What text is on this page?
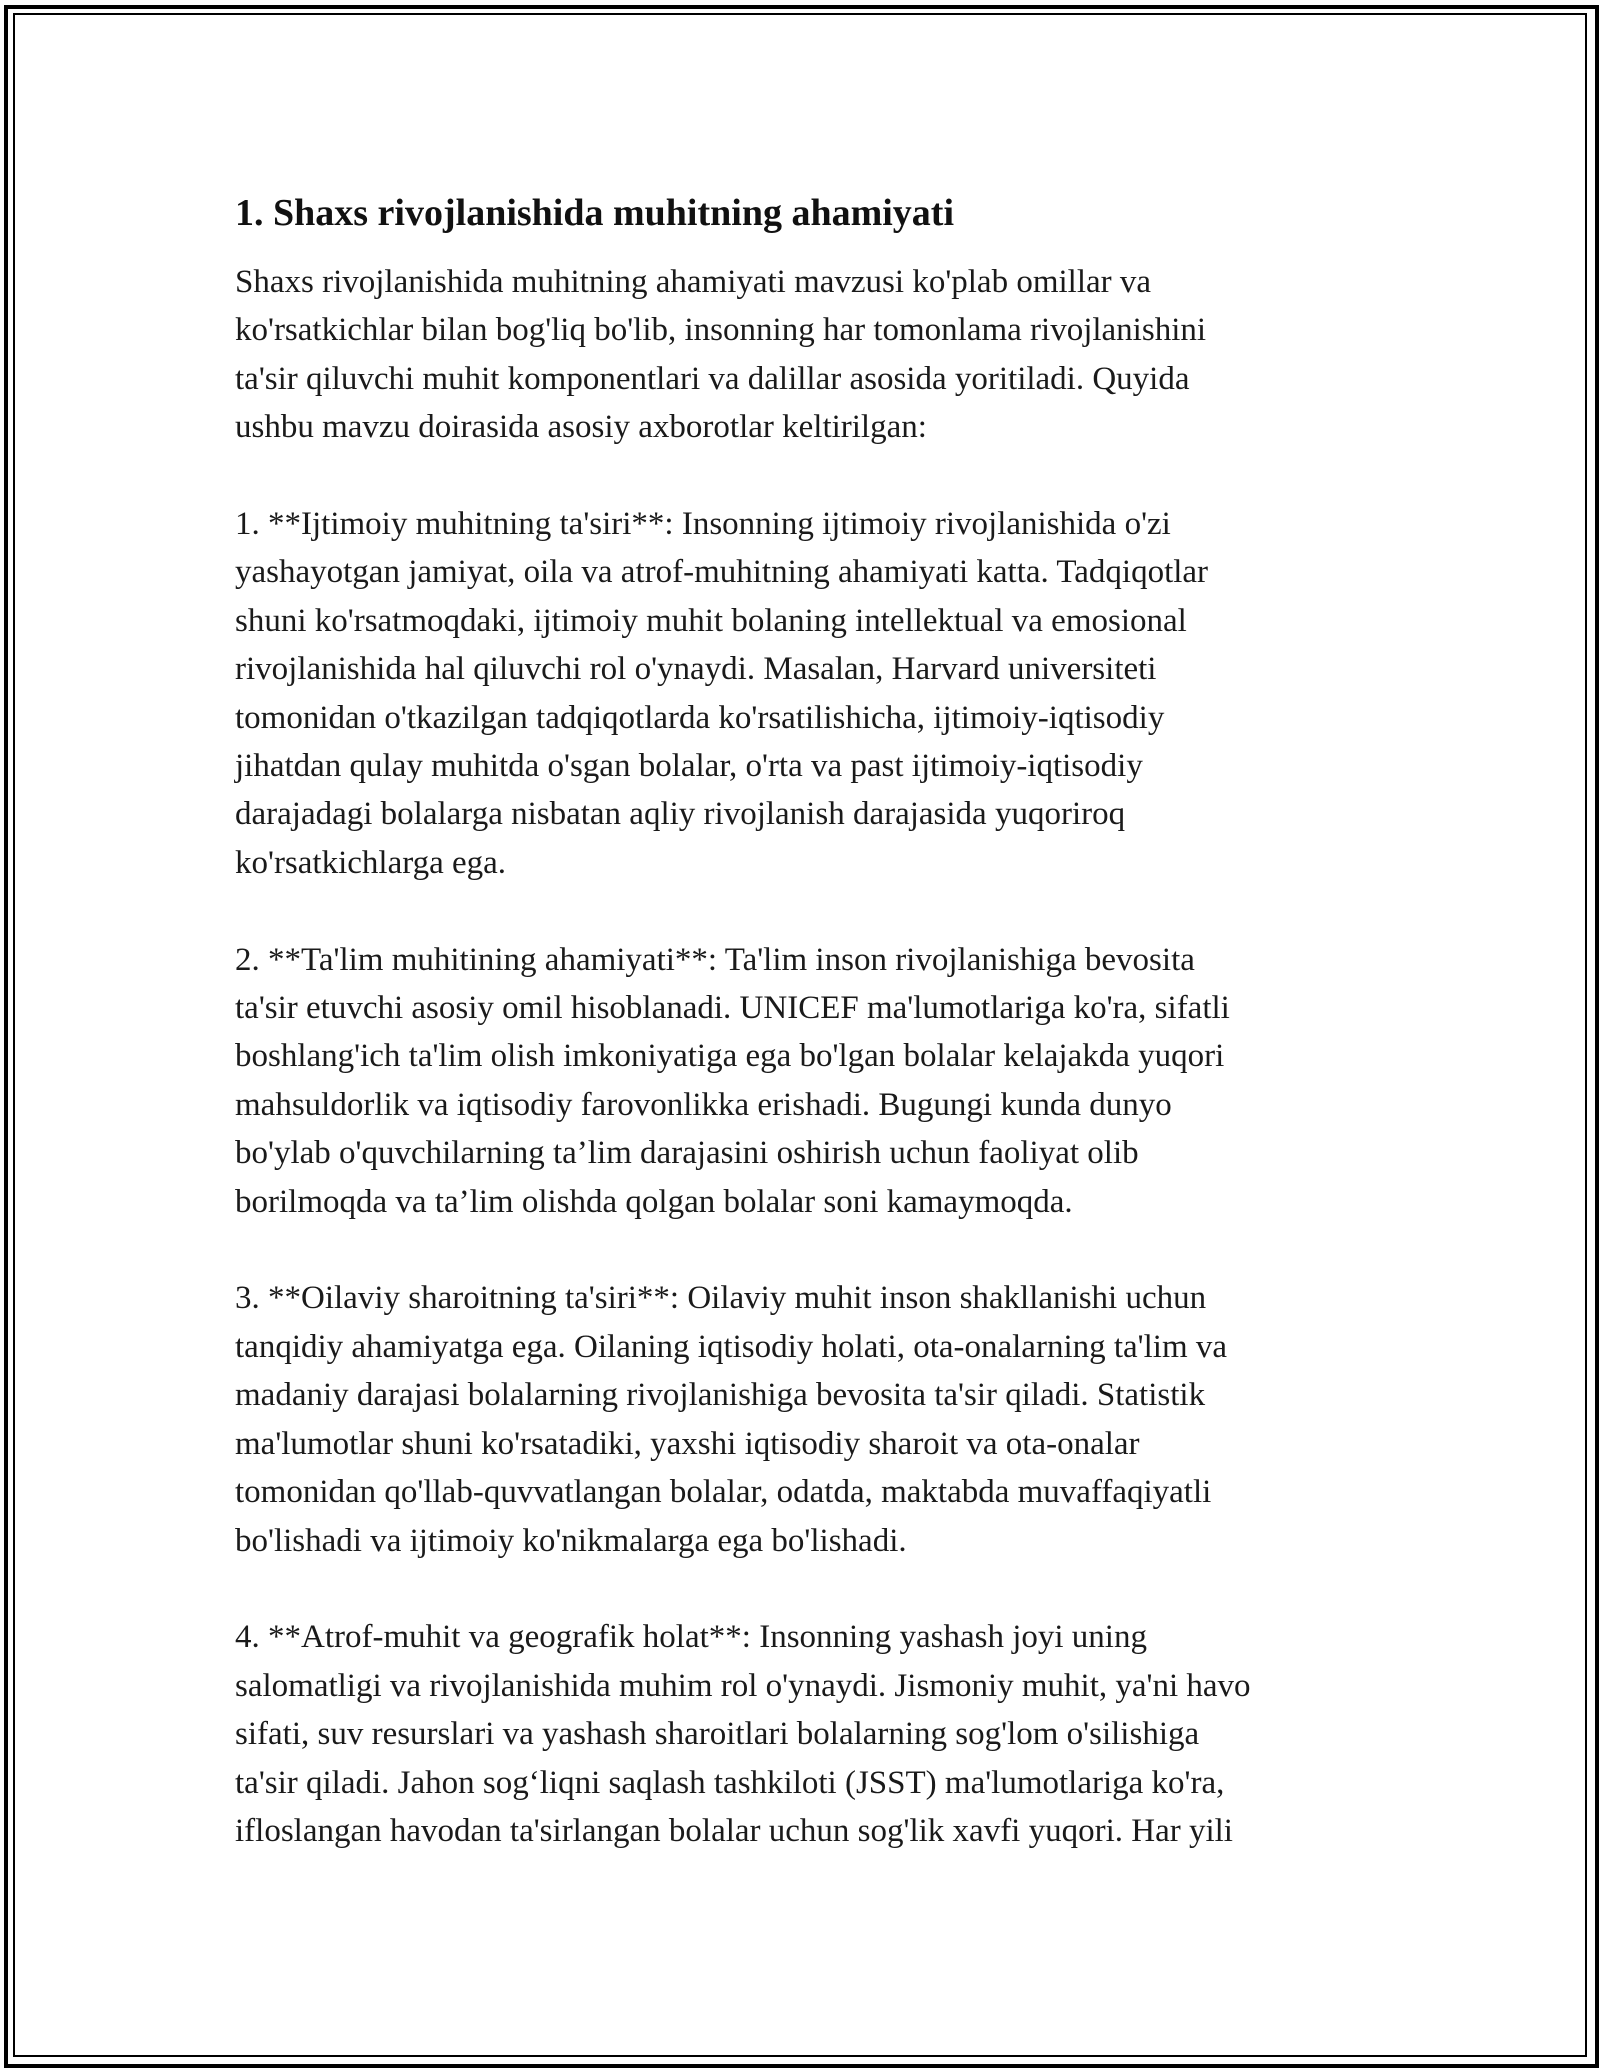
1. Shaxs rivojlanishida muhitning ahamiyati

Shaxs rivojlanishida muhitning ahamiyati mavzusi ko'plab omillar va
ko'rsatkichlar bilan bog'liq bo'lib, insonning har tomonlama rivojlanishini
ta'sir qiluvchi muhit komponentlari va dalillar asosida yoritiladi. Quyida
ushbu mavzu doirasida asosiy axborotlar keltirilgan:

1. **Ijtimoiy muhitning ta'siri**: Insonning ijtimoiy rivojlanishida o'zi
yashayotgan jamiyat, oila va atrof-muhitning ahamiyati katta. Tadqiqotlar
shuni ko'rsatmoqdaki, ijtimoiy muhit bolaning intellektual va emosional
rivojlanishida hal qiluvchi rol o'ynaydi. Masalan, Harvard universiteti
tomonidan o'tkazilgan tadqiqotlarda ko'rsatilishicha, ijtimoiy-iqtisodiy
jihatdan qulay muhitda o'sgan bolalar, o'rta va past ijtimoiy-iqtisodiy
darajadagi bolalarga nisbatan aqliy rivojlanish darajasida yuqoriroq
ko'rsatkichlarga ega.

2. **Ta'lim muhitining ahamiyati**: Ta'lim inson rivojlanishiga bevosita
ta'sir etuvchi asosiy omil hisoblanadi. UNICEF ma'lumotlariga ko'ra, sifatli
boshlang'ich ta'lim olish imkoniyatiga ega bo'lgan bolalar kelajakda yuqori
mahsuldorlik va iqtisodiy farovonlikka erishadi. Bugungi kunda dunyo
bo'ylab o'quvchilarning ta’lim darajasini oshirish uchun faoliyat olib
borilmoqda va ta’lim olishda qolgan bolalar soni kamaymoqda.

3. **Oilaviy sharoitning ta'siri**: Oilaviy muhit inson shakllanishi uchun
tanqidiy ahamiyatga ega. Oilaning iqtisodiy holati, ota-onalarning ta'lim va
madaniy darajasi bolalarning rivojlanishiga bevosita ta'sir qiladi. Statistik
ma'lumotlar shuni ko'rsatadiki, yaxshi iqtisodiy sharoit va ota-onalar
tomonidan qo'llab-quvvatlangan bolalar, odatda, maktabda muvaffaqiyatli
bo'lishadi va ijtimoiy ko'nikmalarga ega bo'lishadi.

4. **Atrof-muhit va geografik holat**: Insonning yashash joyi uning
salomatligi va rivojlanishida muhim rol o'ynaydi. Jismoniy muhit, ya'ni havo
sifati, suv resurslari va yashash sharoitlari bolalarning sog'lom o'silishiga
ta'sir qiladi. Jahon sog‘liqni saqlash tashkiloti (JSST) ma'lumotlariga ko'ra,
ifloslangan havodan ta'sirlangan bolalar uchun sog'lik xavfi yuqori. Har yili
